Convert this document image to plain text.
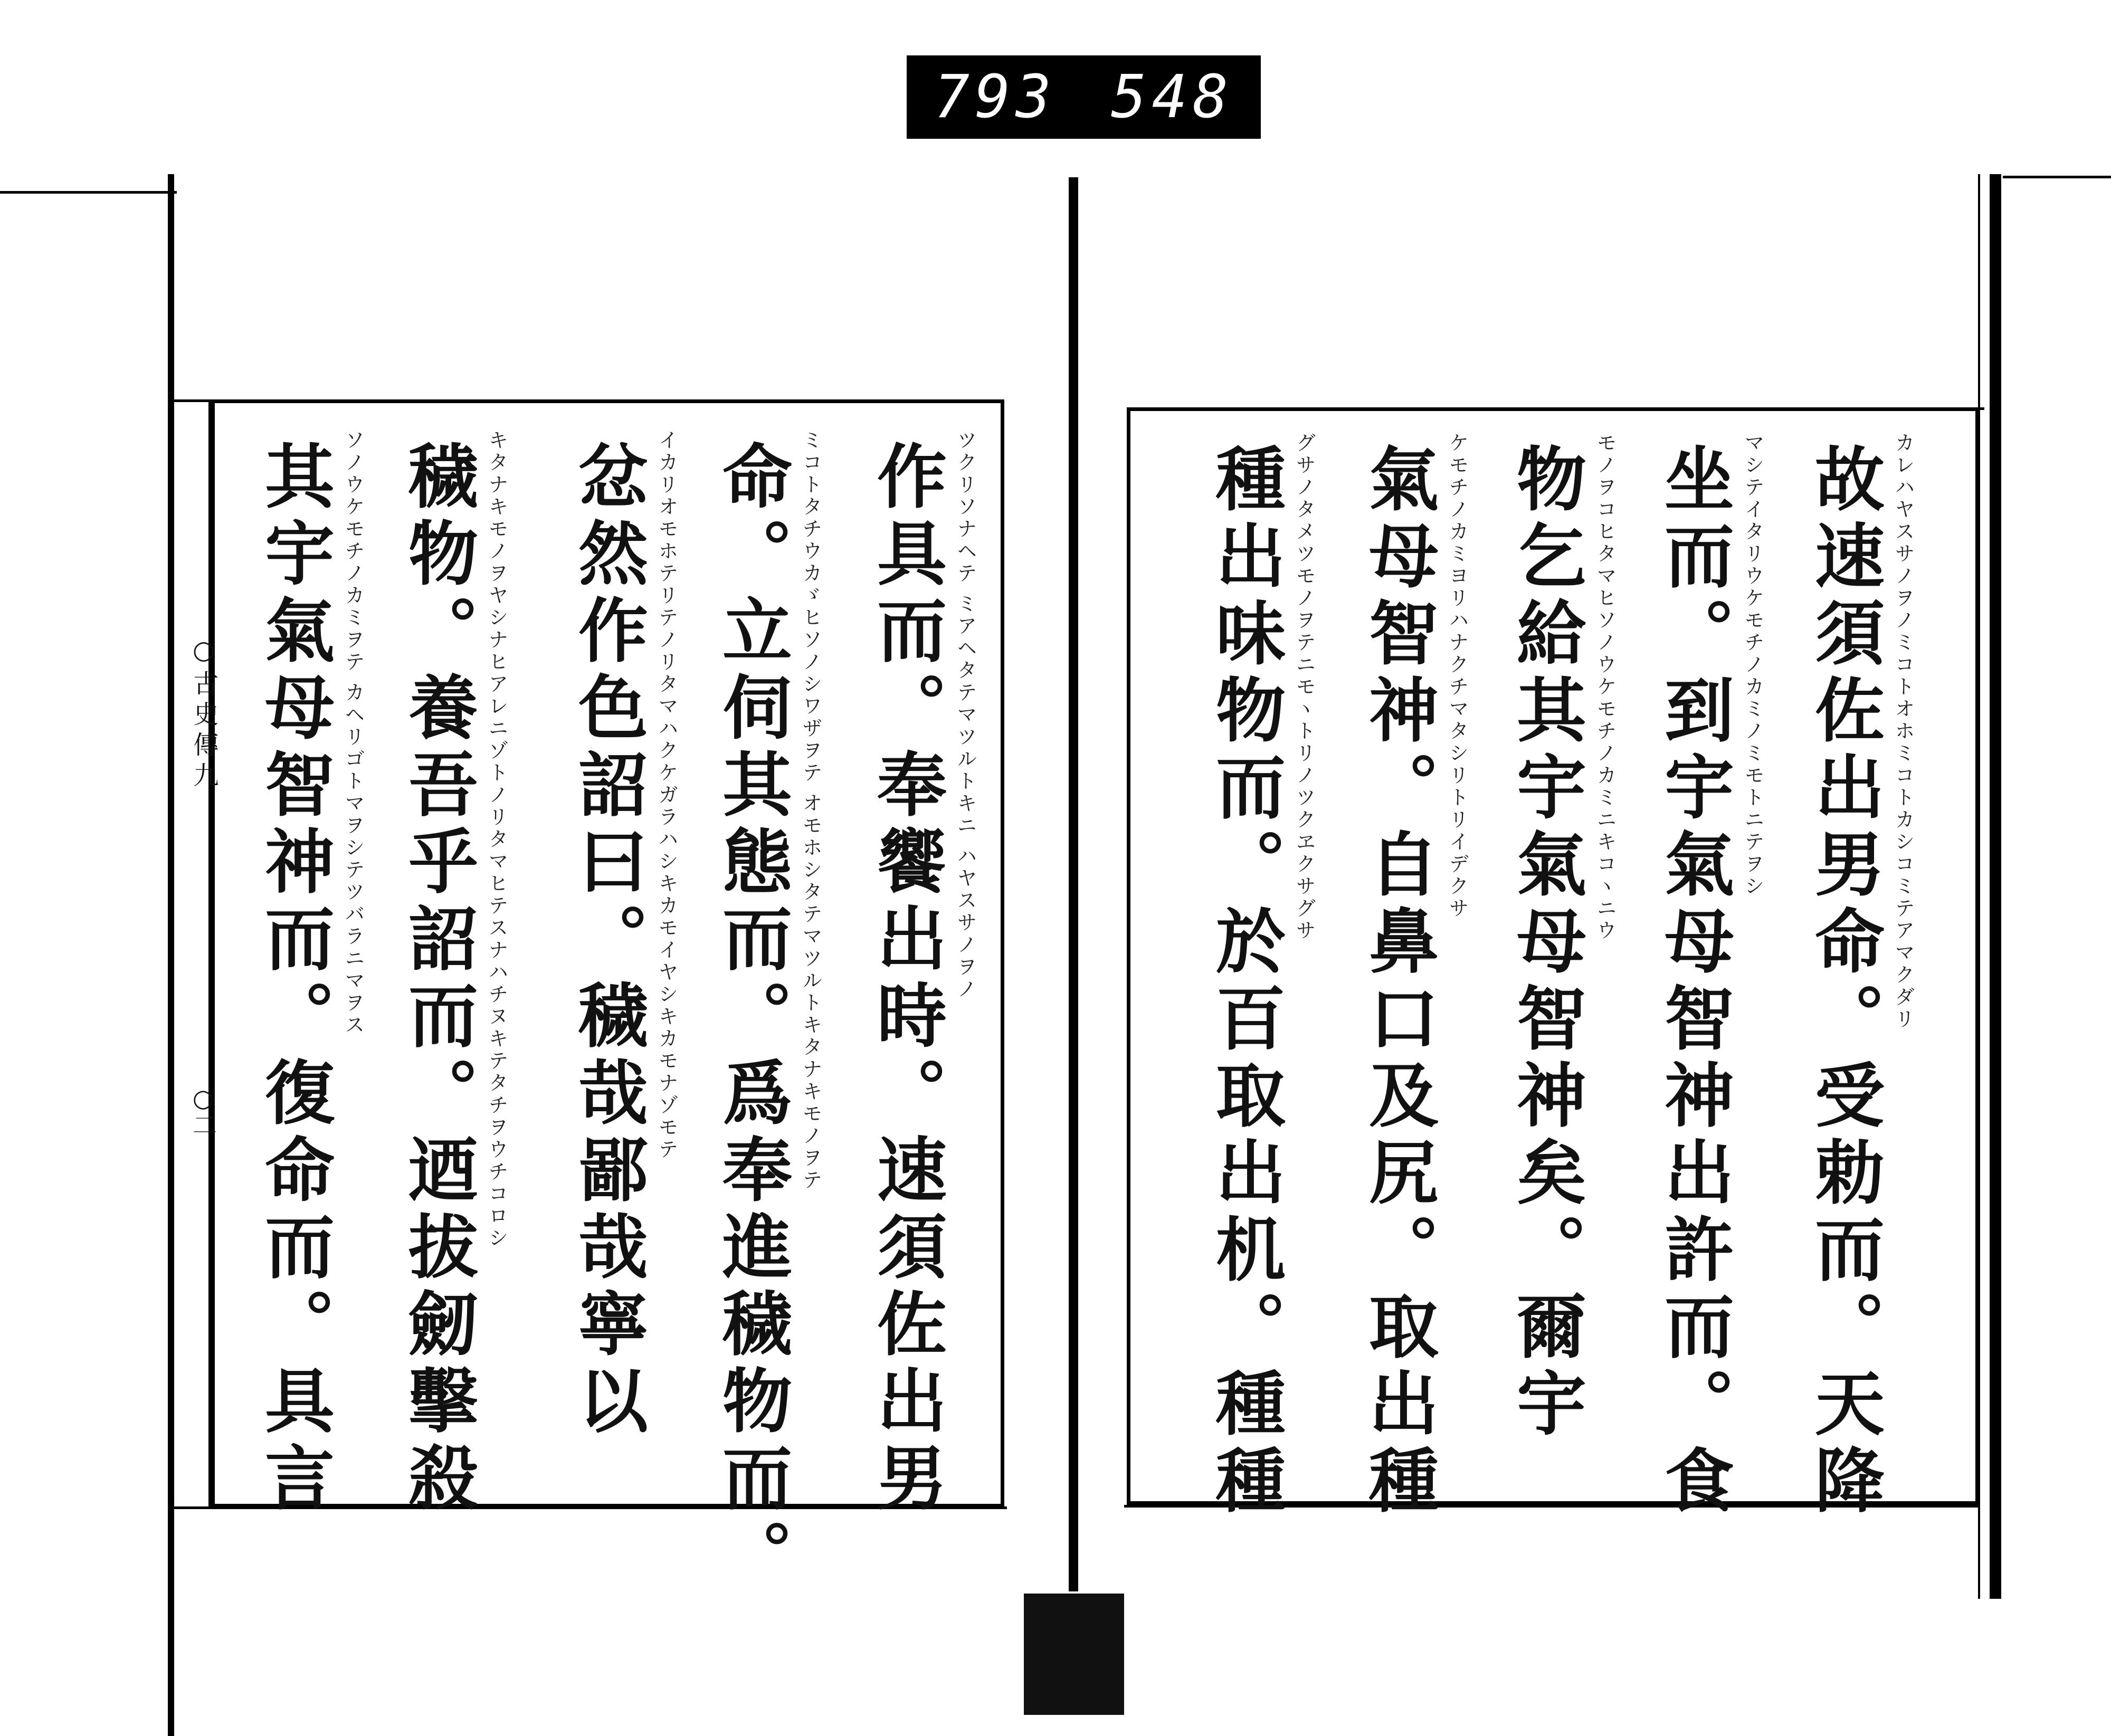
793 548
○古史傳九
○二	作具而。奉饗出時。速須佐出男 ツクリソナヘテ ミアヘタテマツルトキニ ハヤスサノヲノ
命。立伺其態而。爲奉進穢物而。 ミコトタチウカゞヒソノシワザヲテ オモホシタテマツルトキタナキモノヲテ
忿然作色詔曰。穢哉鄙哉寧以 イカリオモホテリテノリタマハクケガラハシキカモイヤシキカモナゾモテ
穢物。養吾乎詔而。迺拔劒擊殺 キタナキモノヲヤシナヒアレニゾトノリタマヒテスナハチヌキテタチヲウチコロシ
其宇氣母智神而。復命而。具言 ソノウケモチノカミヲテ カヘリゴトマヲシテツバラニマヲス	故速須佐出男命。受勅而。天降 カレハヤスサノヲノミコトオホミコトカシコミテアマクダリ
坐而。到宇氣母智神出許而。食 マシテイタリウケモチノカミノミモトニテヲシ
物乞給其宇氣母智神矣。爾宇 モノヲコヒタマヒソノウケモチノカミニキコヽニウ
氣母智神。自鼻口及尻。取出種 ケモチノカミヨリハナクチマタシリトリイデクサ
種出味物而。於百取出机。種種 グサノタメツモノヲテニモヽトリノツクヱクサグサ
